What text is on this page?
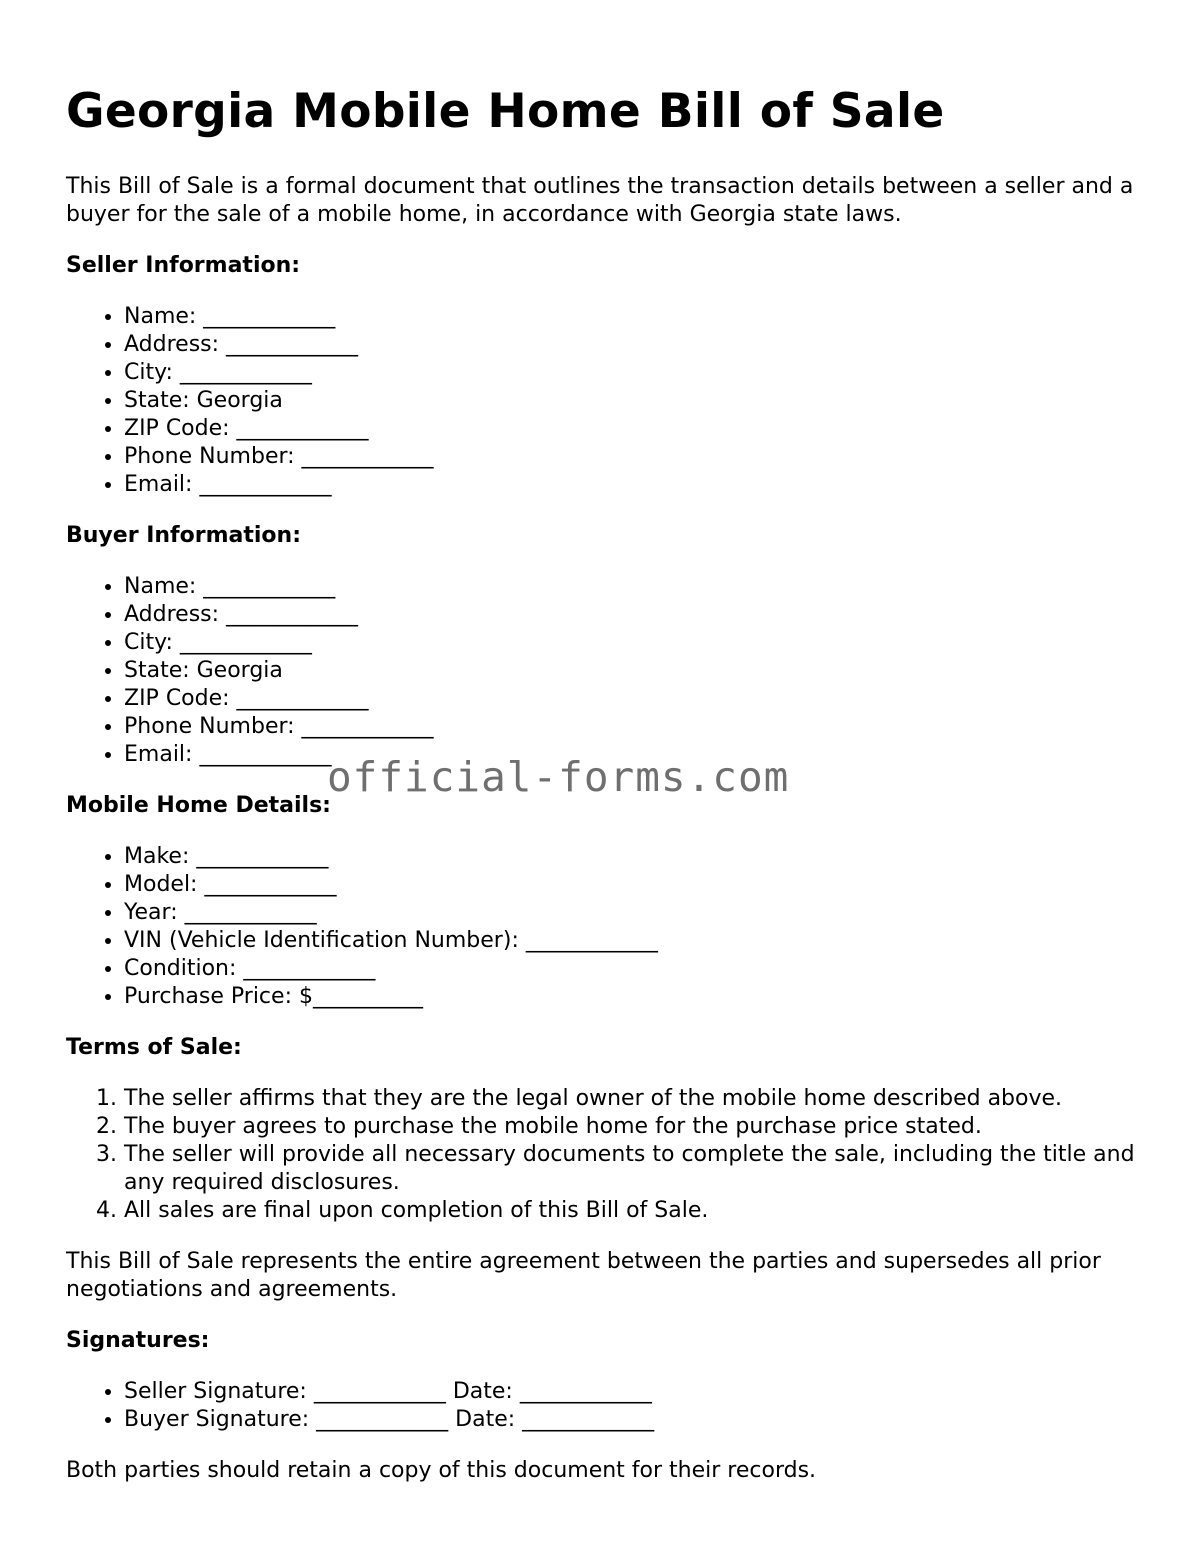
Georgia Mobile Home Bill of Sale

This Bill of Sale is a formal document that outlines the transaction details between a seller and a buyer for the sale of a mobile home, in accordance with Georgia state laws.

Seller Information:
• Name: ____________
• Address: ____________
• City: ____________
• State: Georgia
• ZIP Code: ____________
• Phone Number: ____________
• Email: ____________
Buyer Information:
• Name: ____________
• Address: ____________
• City: ____________
• State: Georgia
• ZIP Code: ____________
• Phone Number: ____________
• Email: ____________
Mobile Home Details:
• Make: ____________
• Model: ____________
• Year: ____________
• VIN (Vehicle Identification Number): ____________
• Condition: ____________
• Purchase Price: $__________
Terms of Sale:
1. The seller affirms that they are the legal owner of the mobile home described above.
2. The buyer agrees to purchase the mobile home for the purchase price stated.
3. The seller will provide all necessary documents to complete the sale, including the title and any required disclosures.
4. All sales are final upon completion of this Bill of Sale.

This Bill of Sale represents the entire agreement between the parties and supersedes all prior negotiations and agreements.

Signatures:
• Seller Signature: ____________ Date: ____________
• Buyer Signature: ____________ Date: ____________

Both parties should retain a copy of this document for their records.

official-forms.com
